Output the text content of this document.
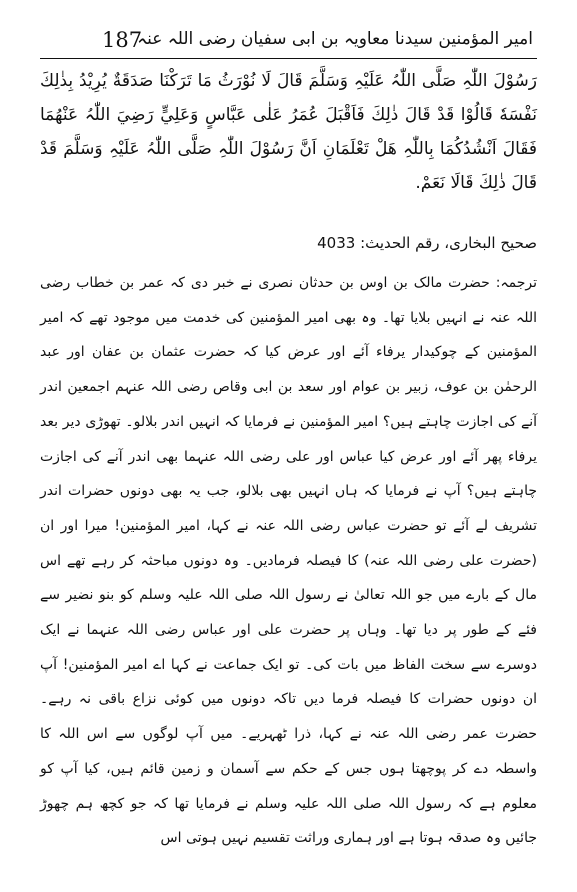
187
امیر المؤمنین سیدنا معاویہ بن ابی سفیان رضی اللہ عنہ
رَسُوْلَ اللّٰہِ صَلَّى اللّٰہُ عَلَيْہِ وَسَلَّمَ قَالَ لَا نُوْرَثُ مَا تَرَكْنَا صَدَقَةٌ يُرِيْدُ بِذٰلِكَ نَفْسَهٗ قَالُوْا قَدْ قَالَ ذٰلِكَ فَاَقْبَلَ عُمَرُ عَلٰى عَبَّاسٍ وَعَلِيٍّ رَضِيَ اللّٰہُ عَنْهُمَا فَقَالَ اَنْشُدُكُمَا بِاللّٰہِ هَلْ تَعْلَمَانِ اَنَّ رَسُوْلَ اللّٰہِ صَلَّى اللّٰہُ عَلَيْہِ وَسَلَّمَ قَدْ قَالَ ذٰلِكَ قَالَا نَعَمْ.
صحیح البخاری، رقم الحدیث: 4033
ترجمہ: حضرت مالک بن اوس بن حدثان نصری نے خبر دی کہ عمر بن خطاب رضی اللہ عنہ نے انہیں بلایا تھا۔ وہ بھی امیر المؤمنین کی خدمت میں موجود تھے کہ امیر المؤمنین کے چوکیدار یرفاء آئے اور عرض کیا کہ حضرت عثمان بن عفان اور عبد الرحمٰن بن عوف، زبیر بن عوام اور سعد بن ابی وقاص رضی اللہ عنہم اجمعین اندر آنے کی اجازت چاہتے ہیں؟ امیر المؤمنین نے فرمایا کہ انہیں اندر بلالو۔ تھوڑی دیر بعد یرفاء پھر آئے اور عرض کیا عباس اور علی رضی اللہ عنہما بھی اندر آنے کی اجازت چاہتے ہیں؟ آپ نے فرمایا کہ ہاں انہیں بھی بلالو، جب یہ بھی دونوں حضرات اندر تشریف لے آئے تو حضرت عباس رضی اللہ عنہ نے کہا، امیر المؤمنین! میرا اور ان (حضرت علی رضی اللہ عنہ) کا فیصلہ فرمادیں۔ وہ دونوں مباحثہ کر رہے تھے اس مال کے بارے میں جو اللہ تعالیٰ نے رسول اللہ صلی اللہ علیہ وسلم کو بنو نضیر سے فئے کے طور پر دیا تھا۔ وہاں پر حضرت علی اور عباس رضی اللہ عنہما نے ایک دوسرے سے سخت الفاظ میں بات کی۔ تو ایک جماعت نے کہا اے امیر المؤمنین! آپ ان دونوں حضرات کا فیصلہ فرما دیں تاکہ دونوں میں کوئی نزاع باقی نہ رہے۔ حضرت عمر رضی اللہ عنہ نے کہا، ذرا ٹھہریے۔ میں آپ لوگوں سے اس اللہ کا واسطہ دے کر پوچھتا ہوں جس کے حکم سے آسمان و زمین قائم ہیں، کیا آپ کو معلوم ہے کہ رسول اللہ صلی اللہ علیہ وسلم نے فرمایا تھا کہ جو کچھ ہم چھوڑ جائیں وہ صدقہ ہوتا ہے اور ہماری وراثت تقسیم نہیں ہوتی اس
